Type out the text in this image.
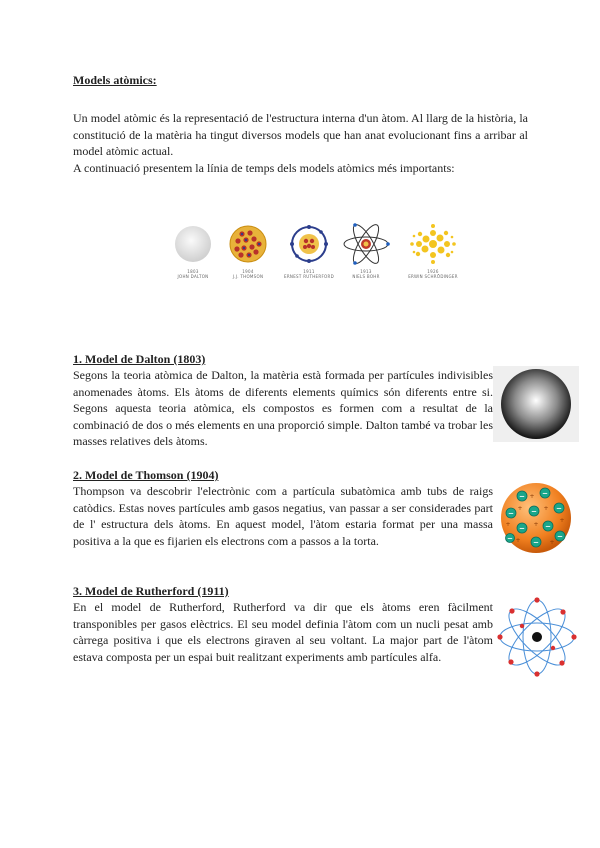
Models atòmics:

Un model atòmic és la representació de l'estructura interna d'un àtom. Al llarg de la història, la constitució de la matèria ha tingut diversos models que han anat evolucionant fins a arribar al model atòmic actual.

A continuació presentem la línia de temps dels models atòmics més importants:

1803
JOHN DALTON
1904
J.J. THOMSON
1911
ERNEST RUTHERFORD
1913
NIELS BOHR
1926
ERWIN SCHRÖDINGER
1. Model de Dalton (1803)

Segons la teoria atòmica de Dalton, la matèria està formada per partícules indivisibles anomenades àtoms. Els àtoms de diferents elements químics són diferents entre si. Segons aquesta teoria atòmica, els compostos es formen com a resultat de la combinació de dos o més elements en una proporció simple. Dalton també va trobar les masses relatives dels àtoms.

2. Model de Thomson (1904)

Thompson va descobrir l'electrònic com a partícula subatòmica amb tubs de raigs catòdics. Estas noves partícules amb gasos negatius, van passar a ser considerades part de l' estructura dels àtoms. En aquest model, l'àtom estaria format per una massa positiva a la que es fijarien els electrons com a passos a la torta.

− −
− −	−
−	−
−
−
−
+
+	+
+
+	+
+
+
3. Model de Rutherford (1911)

En el model de Rutherford, Rutherford va dir que els àtoms eren fàcilment transponibles per gasos elèctrics. El seu model definia l'àtom com un nucli pesat amb càrrega positiva i que els electrons giraven al seu voltant. La major part de l'àtom estava composta per un espai buit realitzant experiments amb partícules alfa.
